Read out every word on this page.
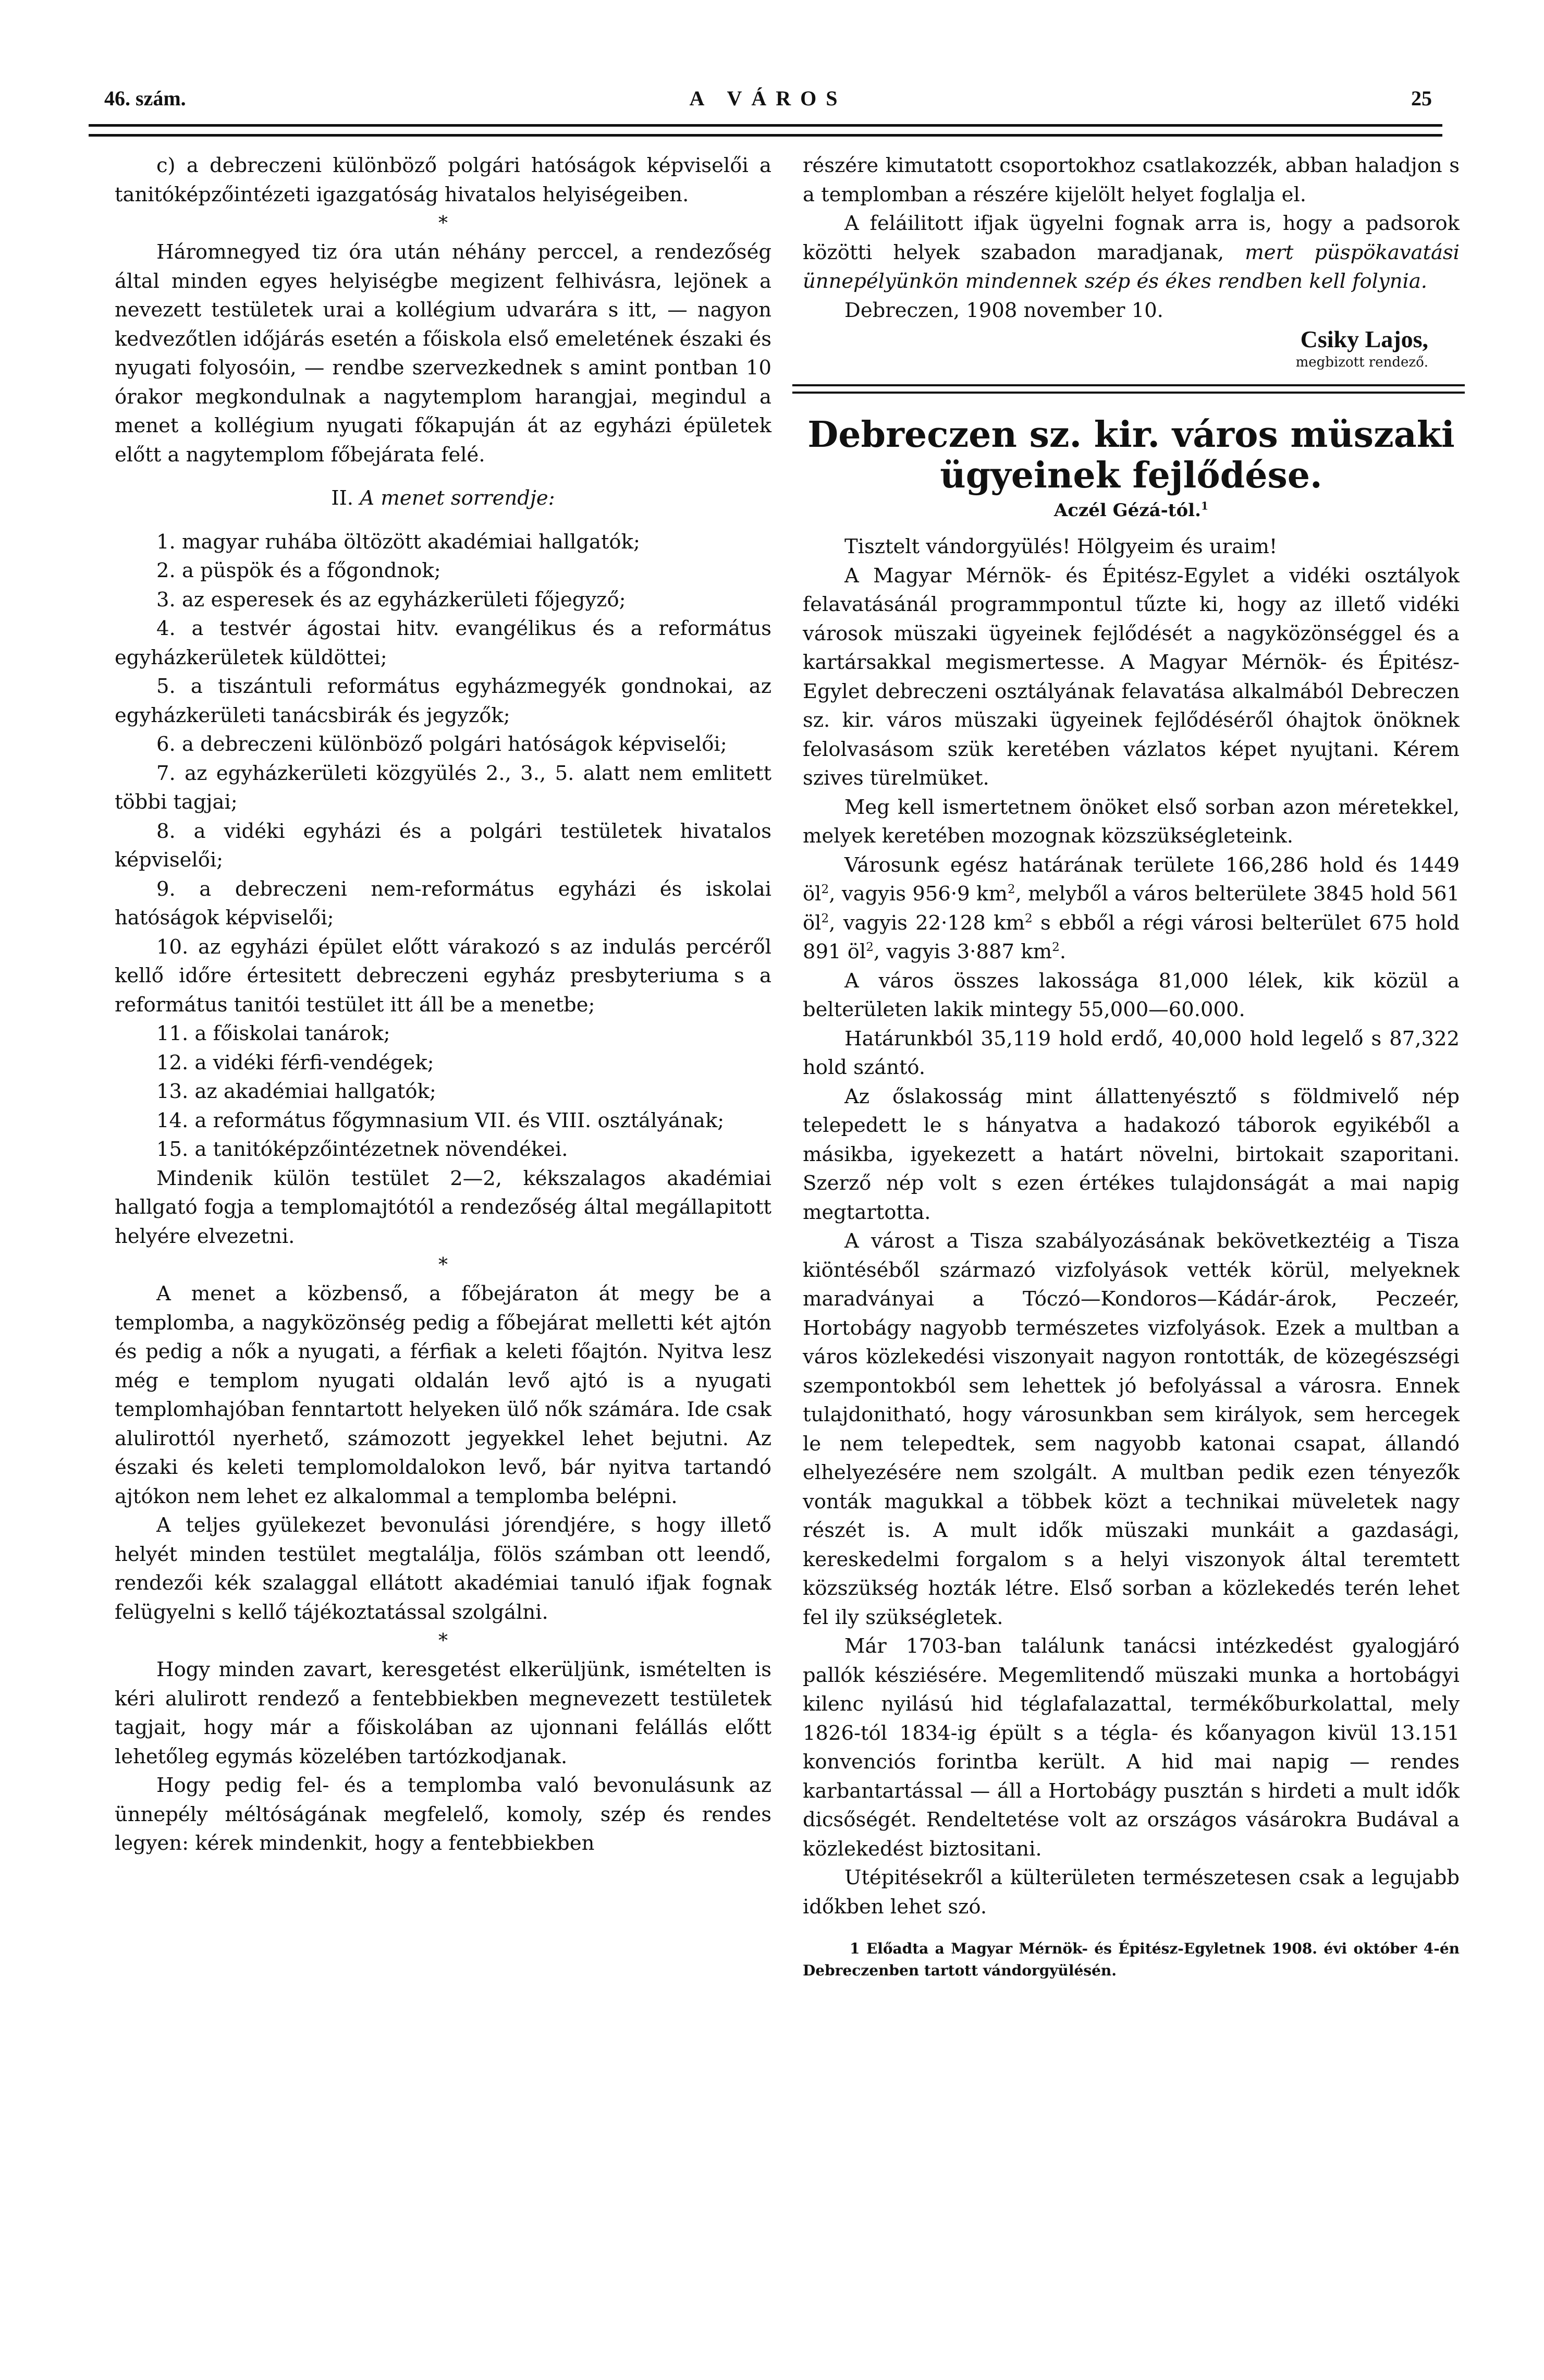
46. szám.	A VÁROS	25

c) a debreczeni különböző polgári hatóságok képviselői a tanitóképzőintézeti igazgatóság hivatalos helyiségeiben.

*

Háromnegyed tiz óra után néhány perccel, a rendezőség által minden egyes helyiségbe megizent felhivásra, lejönek a nevezett testületek urai a kollégium udvarára s itt, — nagyon kedvezőtlen időjárás esetén a főiskola első emeletének északi és nyugati folyosóin, — rendbe szervezkednek s amint pontban 10 órakor megkondulnak a nagytemplom harangjai, megindul a menet a kollégium nyugati főkapuján át az egyházi épületek előtt a nagytemplom főbejárata felé.

II. A menet sorrendje:

1. magyar ruhába öltözött akadémiai hallgatók;

2. a püspök és a főgondnok;

3. az esperesek és az egyházkerületi főjegyző;

4. a testvér ágostai hitv. evangélikus és a református egyházkerületek küldöttei;

5. a tiszántuli református egyházmegyék gondnokai, az egyházkerületi tanácsbirák és jegyzők;

6. a debreczeni különböző polgári hatóságok képviselői;

7. az egyházkerületi közgyülés 2., 3., 5. alatt nem emlitett többi tagjai;

8. a vidéki egyházi és a polgári testületek hivatalos képviselői;

9. a debreczeni nem-református egyházi és iskolai hatóságok képviselői;

10. az egyházi épület előtt várakozó s az indulás percéről kellő időre értesitett debreczeni egyház presbyteriuma s a református tanitói testület itt áll be a menetbe;

11. a főiskolai tanárok;

12. a vidéki férfi-vendégek;

13. az akadémiai hallgatók;

14. a református főgymnasium VII. és VIII. osztályának;

15. a tanitóképzőintézetnek növendékei.

Mindenik külön testület 2—2, kékszalagos akadémiai hallgató fogja a templomajtótól a rendezőség által megállapitott helyére elvezetni.

*

A menet a közbenső, a főbejáraton át megy be a templomba, a nagyközönség pedig a főbejárat melletti két ajtón és pedig a nők a nyugati, a férfiak a keleti főajtón. Nyitva lesz még e templom nyugati oldalán levő ajtó is a nyugati templomhajóban fenntartott helyeken ülő nők számára. Ide csak alulirottól nyerhető, számozott jegyekkel lehet bejutni. Az északi és keleti templomoldalokon levő, bár nyitva tartandó ajtókon nem lehet ez alkalommal a templomba belépni.

A teljes gyülekezet bevonulási jórendjére, s hogy illető helyét minden testület megtalálja, fölös számban ott leendő, rendezői kék szalaggal ellátott akadémiai tanuló ifjak fognak felügyelni s kellő tájékoztatással szolgálni.

*

Hogy minden zavart, keresgetést elkerüljünk, ismételten is kéri alulirott rendező a fentebbiekben megnevezett testületek tagjait, hogy már a főiskolában az ujonnani felállás előtt lehetőleg egymás közelében tartózkodjanak.

Hogy pedig fel- és a templomba való bevonulásunk az ünnepély méltóságának megfelelő, komoly, szép és rendes legyen: kérek mindenkit, hogy a fentebbiekben

részére kimutatott csoportokhoz csatlakozzék, abban haladjon s a templomban a részére kijelölt helyet foglalja el.

A feláilitott ifjak ügyelni fognak arra is, hogy a padsorok közötti helyek szabadon maradjanak, mert püspökavatási ünnepélyünkön mindennek szép és ékes rendben kell folynia.

Debreczen, 1908 november 10.

Csiky Lajos,
megbizott rendező.
Debreczen sz. kir. város müszaki
ügyeinek fejlődése.
Aczél Gézá-tól.$^1$

Tisztelt vándorgyülés! Hölgyeim és uraim!

A Magyar Mérnök- és Épitész-Egylet a vidéki osztályok felavatásánál programmpontul tűzte ki, hogy az illető vidéki városok müszaki ügyeinek fejlődését a nagyközönséggel és a kartársakkal megismertesse. A Magyar Mérnök- és Épitész-Egylet debreczeni osztályának felavatása alkalmából Debreczen sz. kir. város müszaki ügyeinek fejlődéséről óhajtok önöknek felolvasásom szük keretében vázlatos képet nyujtani. Kérem szives türelmüket.

Meg kell ismertetnem önöket első sorban azon méretekkel, melyek keretében mozognak közszükségleteink.

Városunk egész határának területe 166,286 hold és 1449 $öl^2$, vagyis 956·9 $km^2$, melyből a város belterülete 3845 hold 561 $öl^2$, vagyis 22·128 $km^2$ s ebből a régi városi belterület 675 hold 891 $öl^2$, vagyis 3·887 $km^2$.

A város összes lakossága 81,000 lélek, kik közül a belterületen lakik mintegy 55,000—60.000.

Határunkból 35,119 hold erdő, 40,000 hold legelő s 87,322 hold szántó.

Az őslakosság mint állattenyésztő s földmivelő nép telepedett le s hányatva a hadakozó táborok egyikéből a másikba, igyekezett a határt növelni, birtokait szaporitani. Szerző nép volt s ezen értékes tulajdonságát a mai napig megtartotta.

A várost a Tisza szabályozásának bekövetkeztéig a Tisza kiöntéséből származó vizfolyások vették körül, melyeknek maradványai a Tóczó—Kondoros—Kádár-árok, Peczeér, Hortobágy nagyobb természetes vizfolyások. Ezek a multban a város közlekedési viszonyait nagyon rontották, de közegészségi szempontokból sem lehettek jó befolyással a városra. Ennek tulajdonitható, hogy városunkban sem királyok, sem hercegek le nem telepedtek, sem nagyobb katonai csapat, állandó elhelyezésére nem szolgált. A multban pedik ezen tényezők vonták magukkal a többek közt a technikai müveletek nagy részét is. A mult idők müszaki munkáit a gazdasági, kereskedelmi forgalom s a helyi viszonyok által teremtett közszükség hozták létre. Első sorban a közlekedés terén lehet fel ily szükségletek.

Már 1703-ban találunk tanácsi intézkedést gyalogjáró pallók késziésére. Megemlitendő müszaki munka a hortobágyi kilenc nyilású hid téglafalazattal, termékőburkolattal, mely 1826-tól 1834-ig épült s a tégla- és kőanyagon kivül 13.151 konvenciós forintba került. A hid mai napig — rendes karbantartással — áll a Hortobágy pusztán s hirdeti a mult idők dicsőségét. Rendeltetése volt az országos vásárokra Budával a közlekedést biztositani.

Utépitésekről a külterületen természetesen csak a legujabb időkben lehet szó.

1 Előadta a Magyar Mérnök- és Épitész-Egyletnek 1908. évi október 4-én Debreczenben tartott vándorgyülésén.
